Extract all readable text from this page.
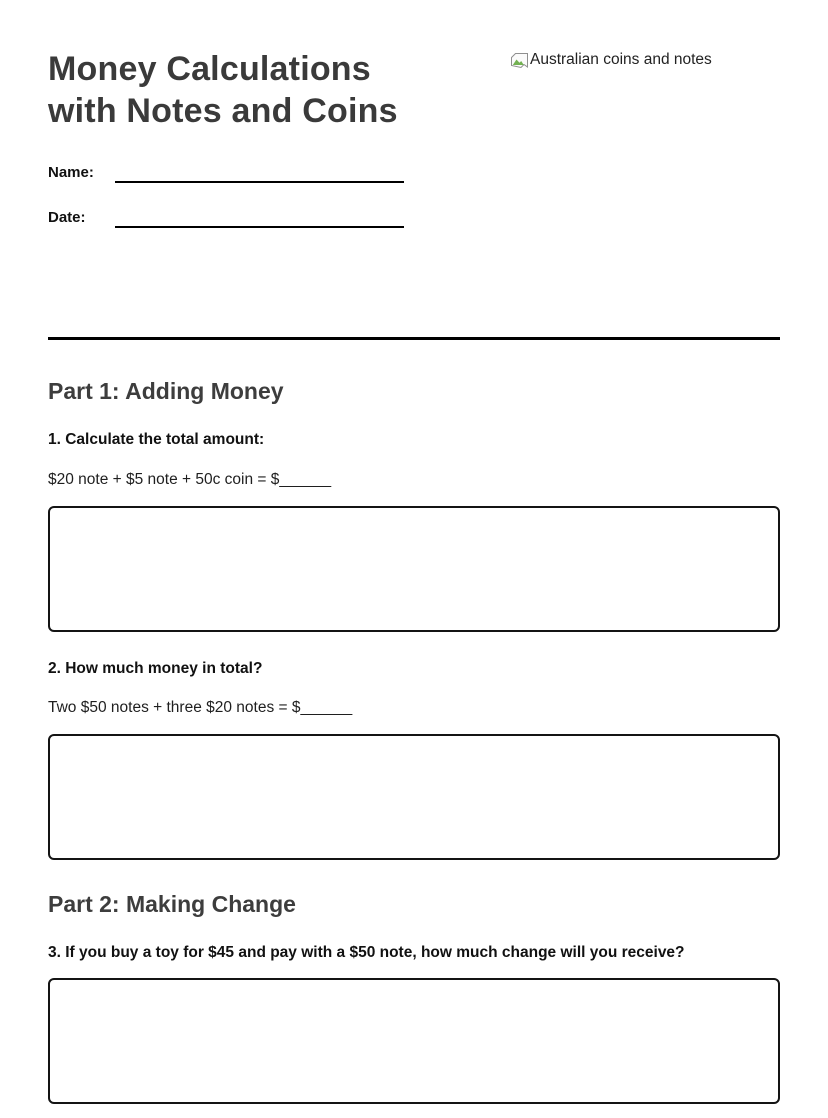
Money Calculations
with Notes and Coins
Australian coins and notes
Name:
Date:
Part 1: Adding Money

1. Calculate the total amount:

$20 note + $5 note + 50c coin = $______

2. How much money in total?

Two $50 notes + three $20 notes = $______

Part 2: Making Change

3. If you buy a toy for $45 and pay with a $50 note, how much change will you receive?
